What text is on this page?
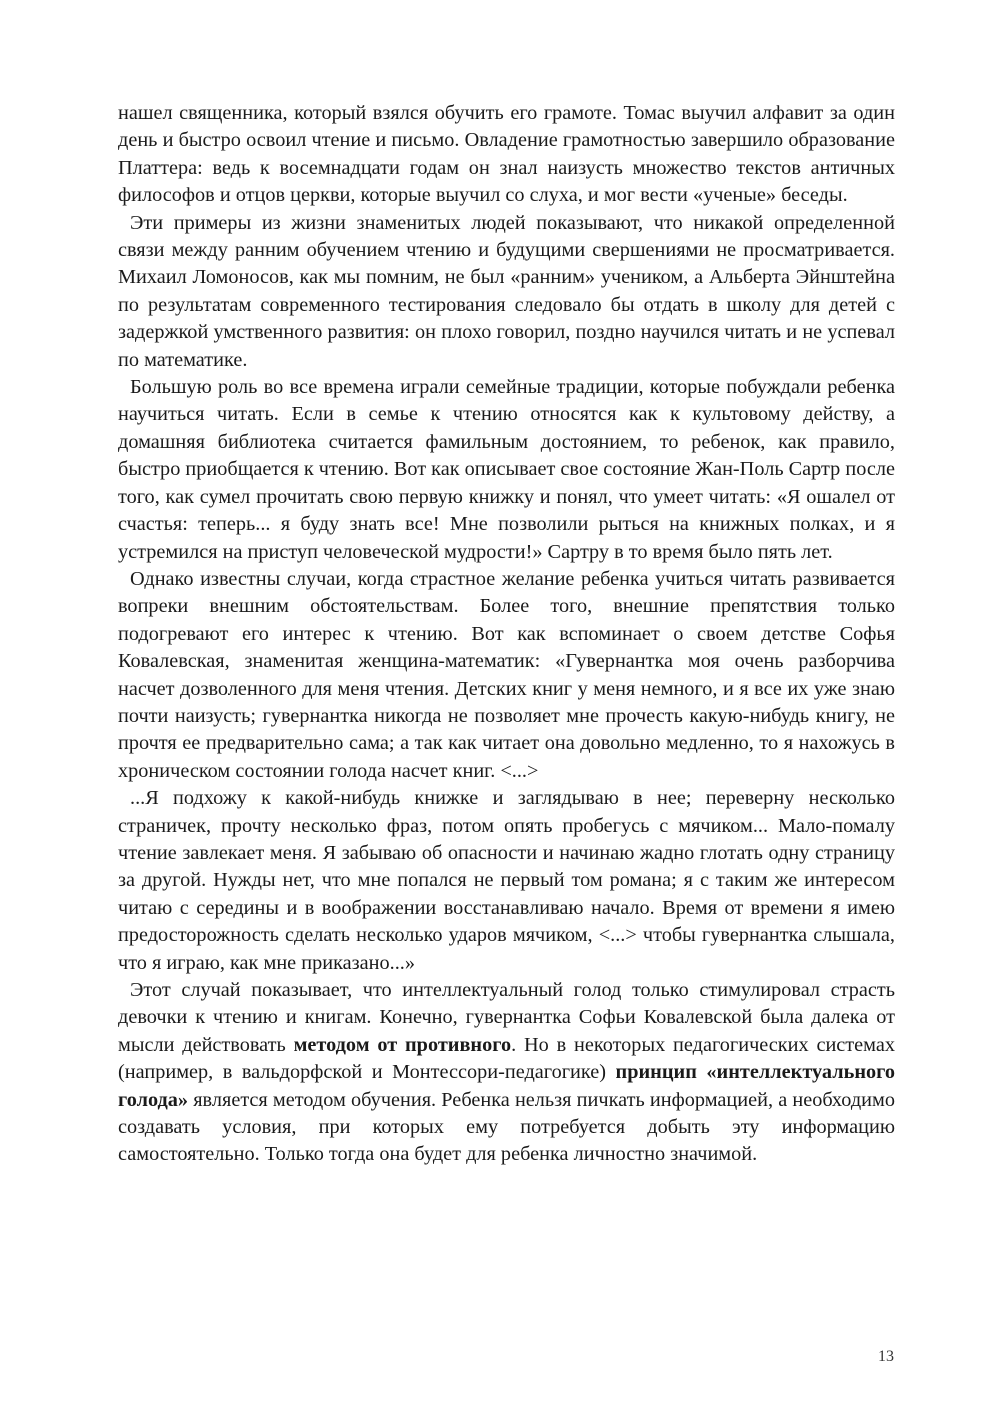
нашел священника, который взялся обучить его грамоте. Томас выучил алфавит за один день и быстро освоил чтение и письмо. Овладение грамотностью завершило образование Платтера: ведь к восемнадцати годам он знал наизусть множество текстов античных философов и отцов церкви, которые выучил со слуха, и мог вести «ученые» беседы.

Эти примеры из жизни знаменитых людей показывают, что никакой определенной связи между ранним обучением чтению и будущими свершениями не просматривается. Михаил Ломоносов, как мы помним, не был «ранним» учеником, а Альберта Эйнштейна по результатам современного тестирования следовало бы отдать в школу для детей с задержкой умственного развития: он плохо говорил, поздно научился читать и не успевал по математике.

Большую роль во все времена играли семейные традиции, которые побуждали ребенка научиться читать. Если в семье к чтению относятся как к культовому действу, а домашняя библиотека считается фамильным достоянием, то ребенок, как правило, быстро приобщается к чтению. Вот как описывает свое состояние Жан-Поль Сартр после того, как сумел прочитать свою первую книжку и понял, что умеет читать: «Я ошалел от счастья: теперь... я буду знать все! Мне позволили рыться на книжных полках, и я устремился на приступ человеческой мудрости!» Сартру в то время было пять лет.

Однако известны случаи, когда страстное желание ребенка учиться читать развивается вопреки внешним обстоятельствам. Более того, внешние препятствия только подогревают его интерес к чтению. Вот как вспоминает о своем детстве Софья Ковалевская, знаменитая женщина-математик: «Гувернантка моя очень разборчива насчет дозволенного для меня чтения. Детских книг у меня немного, и я все их уже знаю почти наизусть; гувернантка никогда не позволяет мне прочесть какую-нибудь книгу, не прочтя ее предварительно сама; а так как читает она довольно медленно, то я нахожусь в хроническом состоянии голода насчет книг. <...>

...Я подхожу к какой-нибудь книжке и заглядываю в нее; переверну несколько страничек, прочту несколько фраз, потом опять пробегусь с мячиком... Мало-помалу чтение завлекает меня. Я забываю об опасности и начинаю жадно глотать одну страницу за другой. Нужды нет, что мне попался не первый том романа; я с таким же интересом читаю с середины и в воображении восстанавливаю начало. Время от времени я имею предосторожность сделать несколько ударов мячиком, <...> чтобы гувернантка слышала, что я играю, как мне приказано...»

Этот случай показывает, что интеллектуальный голод только стимулировал страсть девочки к чтению и книгам. Конечно, гувернантка Софьи Ковалевской была далека от мысли действовать методом от противного. Но в некоторых педагогических системах (например, в вальдорфской и Монтессори-педагогике) принцип «интеллектуального голода» является методом обучения. Ребенка нельзя пичкать информацией, а необходимо создавать условия, при которых ему потребуется добыть эту информацию самостоятельно. Только тогда она будет для ребенка личностно значимой.

13
